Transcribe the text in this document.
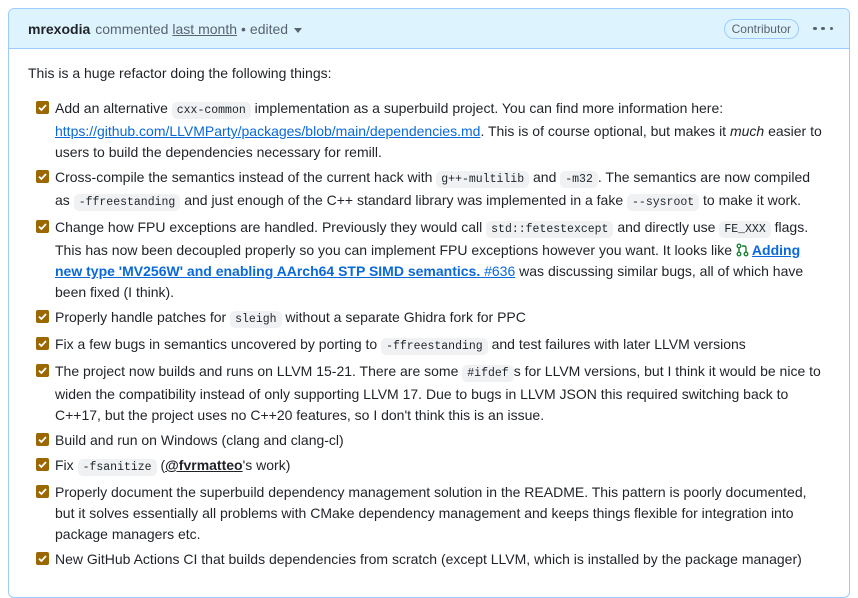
mrexodia commented last month • edited	Contributor

This is a huge refactor doing the following things:

Add an alternative cxx-common implementation as a superbuild project. You can find more information here: https://github.com/LLVMParty/packages/blob/main/dependencies.md. This is of course optional, but makes it much easier to users to build the dependencies necessary for remill.
Cross-compile the semantics instead of the current hack with g++-multilib and -m32 . The semantics are now compiled as -ffreestanding and just enough of the C++ standard library was implemented in a fake --sysroot to make it work.
Change how FPU exceptions are handled. Previously they would call std::fetestexcept and directly use FE_XXX flags. This has now been decoupled properly so you can implement FPU exceptions however you want. It looks like Adding new type 'MV256W' and enabling AArch64 STP SIMD semantics. #636 was discussing similar bugs, all of which have been fixed (I think).
Properly handle patches for sleigh without a separate Ghidra fork for PPC
Fix a few bugs in semantics uncovered by porting to -ffreestanding and test failures with later LLVM versions
The project now builds and runs on LLVM 15-21. There are some #ifdef s for LLVM versions, but I think it would be nice to widen the compatibility instead of only supporting LLVM 17. Due to bugs in LLVM JSON this required switching back to C++17, but the project uses no C++20 features, so I don't think this is an issue.
Build and run on Windows (clang and clang-cl)
Fix -fsanitize (@fvrmatteo's work)
Properly document the superbuild dependency management solution in the README. This pattern is poorly documented, but it solves essentially all problems with CMake dependency management and keeps things flexible for integration into package managers etc.
New GitHub Actions CI that builds dependencies from scratch (except LLVM, which is installed by the package manager)
